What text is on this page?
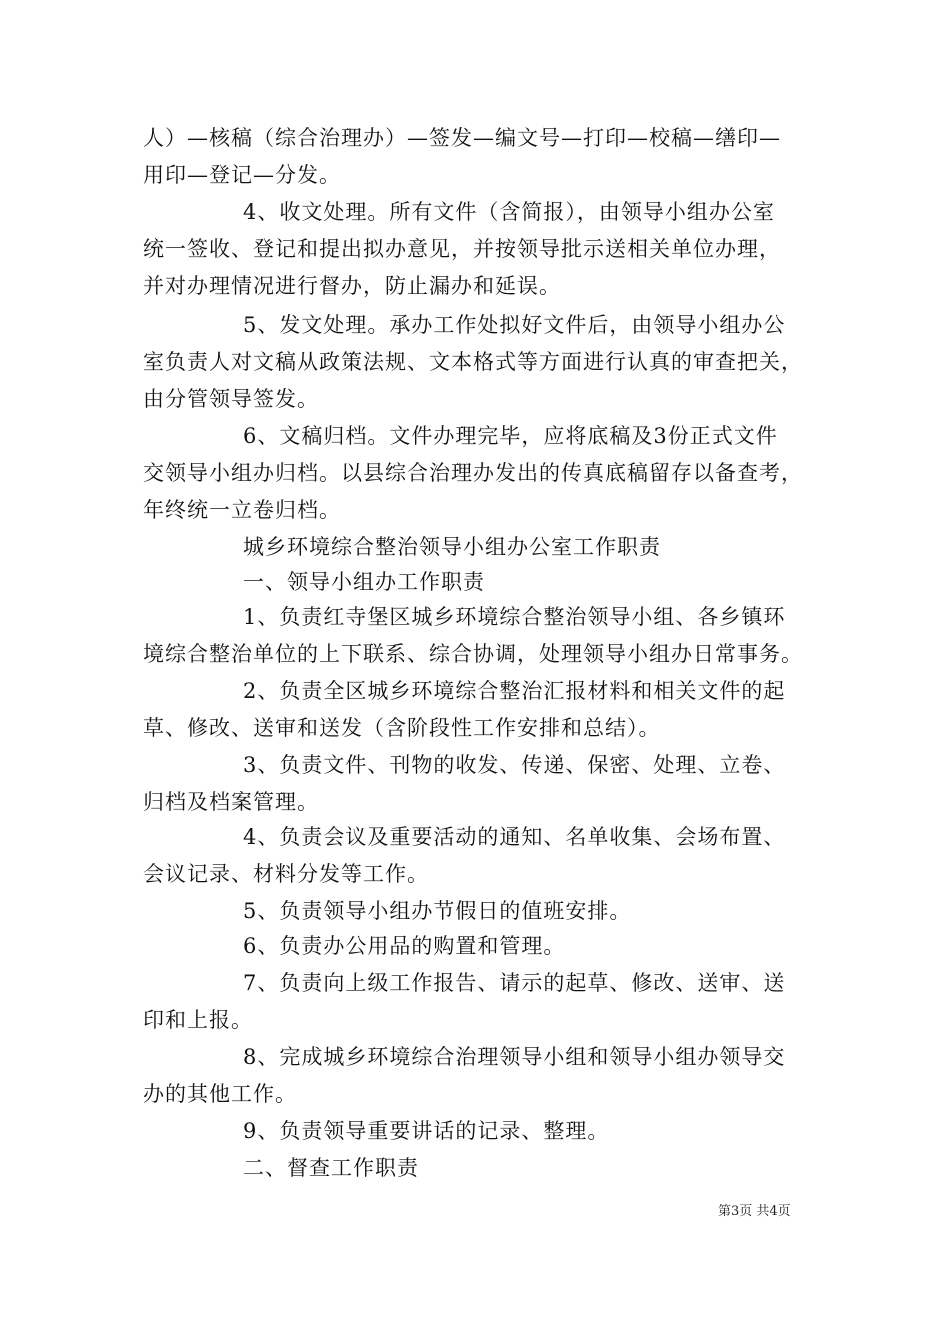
人）—核稿（综合治理办）—签发—编文号—打印—校稿—缮印—
用印—登记—分发。
4、收文处理。所有文件（含简报），由领导小组办公室
统一签收、登记和提出拟办意见，并按领导批示送相关单位办理，
并对办理情况进行督办，防止漏办和延误。
5、发文处理。承办工作处拟好文件后，由领导小组办公
室负责人对文稿从政策法规、文本格式等方面进行认真的审查把关，
由分管领导签发。
6、文稿归档。文件办理完毕，应将底稿及3份正式文件
交领导小组办归档。以县综合治理办发出的传真底稿留存以备查考，
年终统一立卷归档。
城乡环境综合整治领导小组办公室工作职责
一、领导小组办工作职责
1、负责红寺堡区城乡环境综合整治领导小组、各乡镇环
境综合整治单位的上下联系、综合协调，处理领导小组办日常事务。
2、负责全区城乡环境综合整治汇报材料和相关文件的起
草、修改、送审和送发（含阶段性工作安排和总结）。
3、负责文件、刊物的收发、传递、保密、处理、立卷、
归档及档案管理。
4、负责会议及重要活动的通知、名单收集、会场布置、
会议记录、材料分发等工作。
5、负责领导小组办节假日的值班安排。
6、负责办公用品的购置和管理。
7、负责向上级工作报告、请示的起草、修改、送审、送
印和上报。
8、完成城乡环境综合治理领导小组和领导小组办领导交
办的其他工作。
9、负责领导重要讲话的记录、整理。
二、督查工作职责
第3页 共4页
